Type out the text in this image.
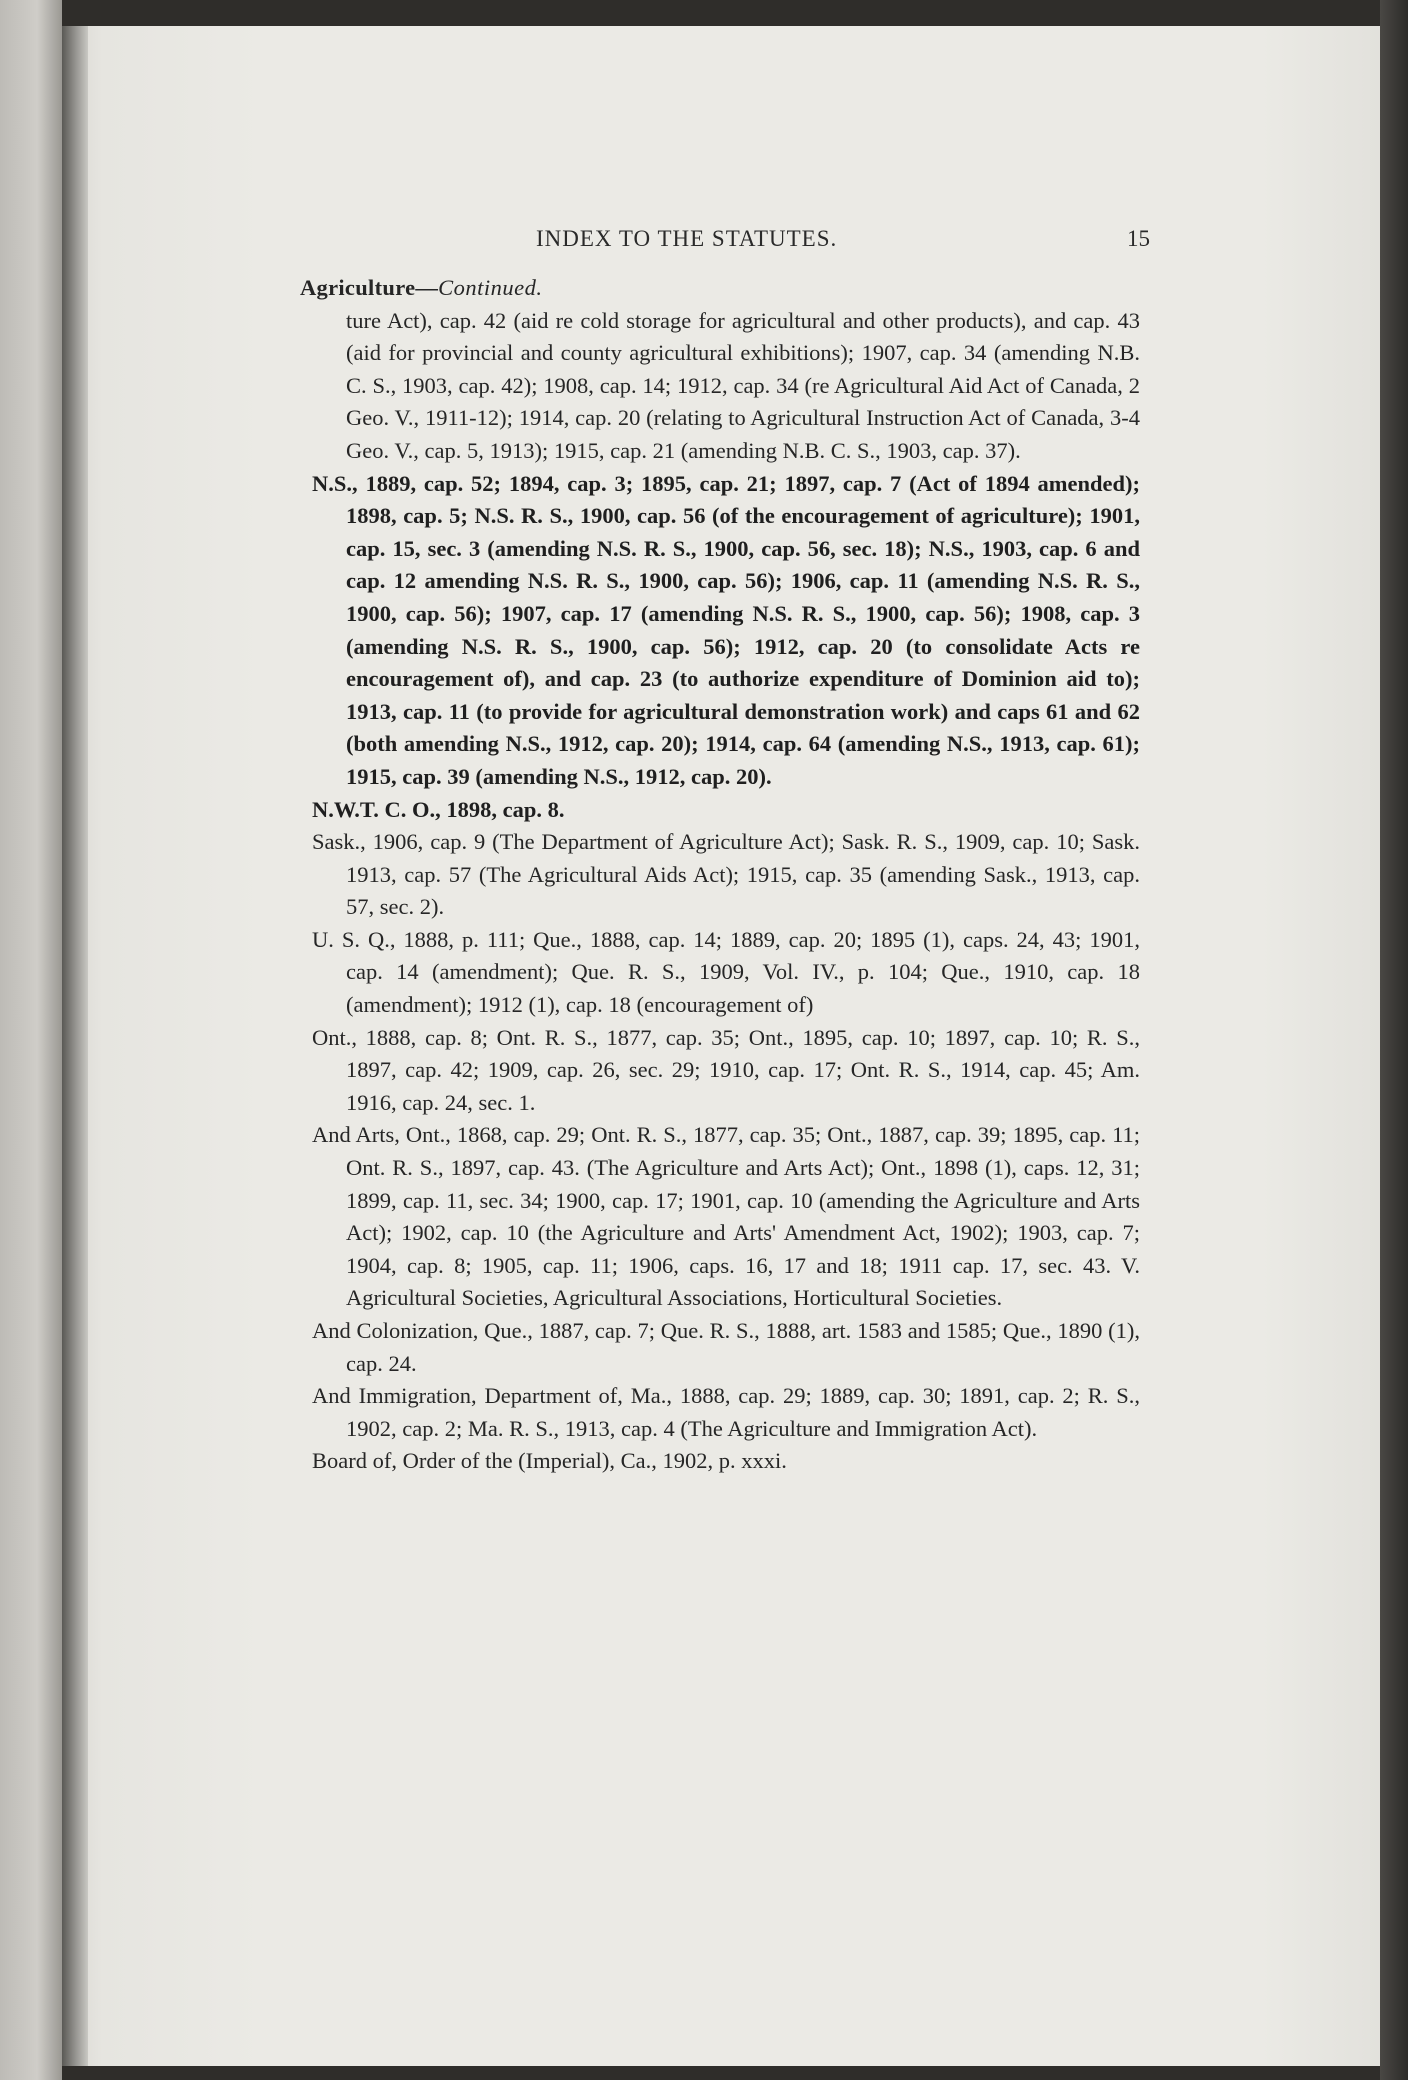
INDEX TO THE STATUTES.	15

Agriculture—Continued.

ture Act), cap. 42 (aid re cold storage for agricultural and other products), and cap. 43 (aid for provincial and county agricultural exhibitions); 1907, cap. 34 (amending N.B. C. S., 1903, cap. 42); 1908, cap. 14; 1912, cap. 34 (re Agricultural Aid Act of Canada, 2 Geo. V., 1911-12); 1914, cap. 20 (relating to Agricultural Instruction Act of Canada, 3-4 Geo. V., cap. 5, 1913); 1915, cap. 21 (amending N.B. C. S., 1903, cap. 37).

N.S., 1889, cap. 52; 1894, cap. 3; 1895, cap. 21; 1897, cap. 7 (Act of 1894 amended); 1898, cap. 5; N.S. R. S., 1900, cap. 56 (of the encouragement of agriculture); 1901, cap. 15, sec. 3 (amending N.S. R. S., 1900, cap. 56, sec. 18); N.S., 1903, cap. 6 and cap. 12 amending N.S. R. S., 1900, cap. 56); 1906, cap. 11 (amending N.S. R. S., 1900, cap. 56); 1907, cap. 17 (amending N.S. R. S., 1900, cap. 56); 1908, cap. 3 (amending N.S. R. S., 1900, cap. 56); 1912, cap. 20 (to consolidate Acts re encouragement of), and cap. 23 (to authorize expenditure of Dominion aid to); 1913, cap. 11 (to provide for agricultural demonstration work) and caps 61 and 62 (both amending N.S., 1912, cap. 20); 1914, cap. 64 (amending N.S., 1913, cap. 61); 1915, cap. 39 (amending N.S., 1912, cap. 20).

N.W.T. C. O., 1898, cap. 8.

Sask., 1906, cap. 9 (The Department of Agriculture Act); Sask. R. S., 1909, cap. 10; Sask. 1913, cap. 57 (The Agricultural Aids Act); 1915, cap. 35 (amending Sask., 1913, cap. 57, sec. 2).

U. S. Q., 1888, p. 111; Que., 1888, cap. 14; 1889, cap. 20; 1895 (1), caps. 24, 43; 1901, cap. 14 (amendment); Que. R. S., 1909, Vol. IV., p. 104; Que., 1910, cap. 18 (amendment); 1912 (1), cap. 18 (encouragement of)

Ont., 1888, cap. 8; Ont. R. S., 1877, cap. 35; Ont., 1895, cap. 10; 1897, cap. 10; R. S., 1897, cap. 42; 1909, cap. 26, sec. 29; 1910, cap. 17; Ont. R. S., 1914, cap. 45; Am. 1916, cap. 24, sec. 1.

And Arts, Ont., 1868, cap. 29; Ont. R. S., 1877, cap. 35; Ont., 1887, cap. 39; 1895, cap. 11; Ont. R. S., 1897, cap. 43. (The Agriculture and Arts Act); Ont., 1898 (1), caps. 12, 31; 1899, cap. 11, sec. 34; 1900, cap. 17; 1901, cap. 10 (amending the Agriculture and Arts Act); 1902, cap. 10 (the Agriculture and Arts' Amendment Act, 1902); 1903, cap. 7; 1904, cap. 8; 1905, cap. 11; 1906, caps. 16, 17 and 18; 1911 cap. 17, sec. 43. V. Agricultural Societies, Agricultural Associations, Horticultural Societies.

And Colonization, Que., 1887, cap. 7; Que. R. S., 1888, art. 1583 and 1585; Que., 1890 (1), cap. 24.

And Immigration, Department of, Ma., 1888, cap. 29; 1889, cap. 30; 1891, cap. 2; R. S., 1902, cap. 2; Ma. R. S., 1913, cap. 4 (The Agriculture and Immigration Act).

Board of, Order of the (Imperial), Ca., 1902, p. xxxi.
